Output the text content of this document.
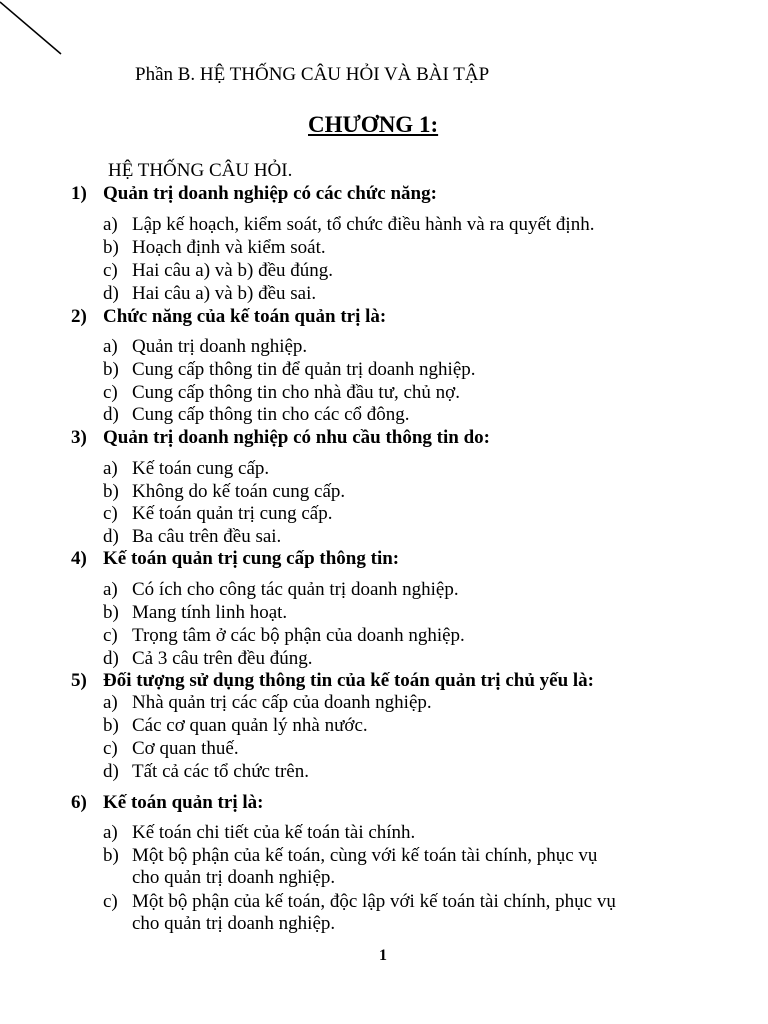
Phần B. HỆ THỐNG CÂU HỎI VÀ BÀI TẬP
CHƯƠNG 1:
HỆ THỐNG CÂU HỎI.
1) Quản trị doanh nghiệp có các chức năng:
a) Lập kế hoạch, kiểm soát, tổ chức điều hành và ra quyết định.
b) Hoạch định và kiểm soát.
c) Hai câu a) và b) đều đúng.
d) Hai câu a) và b) đều sai.
2) Chức năng của kế toán quản trị là:
a) Quản trị doanh nghiệp.
b) Cung cấp thông tin để quản trị doanh nghiệp.
c) Cung cấp thông tin cho nhà đầu tư, chủ nợ.
d) Cung cấp thông tin cho các cổ đông.
3) Quản trị doanh nghiệp có nhu cầu thông tin do:
a) Kế toán cung cấp.
b) Không do kế toán cung cấp.
c) Kế toán quản trị cung cấp.
d) Ba câu trên đều sai.
4) Kế toán quản trị cung cấp thông tin:
a) Có ích cho công tác quản trị doanh nghiệp.
b) Mang tính linh hoạt.
c) Trọng tâm ở các bộ phận của doanh nghiệp.
d) Cả 3 câu trên đều đúng.
5) Đối tượng sử dụng thông tin của kế toán quản trị chủ yếu là:
a) Nhà quản trị các cấp của doanh nghiệp.
b) Các cơ quan quản lý nhà nước.
c) Cơ quan thuế.
d) Tất cả các tổ chức trên.
6) Kế toán quản trị là:
a) Kế toán chi tiết của kế toán tài chính.
b) Một bộ phận của kế toán, cùng với kế toán tài chính, phục vụ
cho quản trị doanh nghiệp.
c) Một bộ phận của kế toán, độc lập với kế toán tài chính, phục vụ
cho quản trị doanh nghiệp.
1
